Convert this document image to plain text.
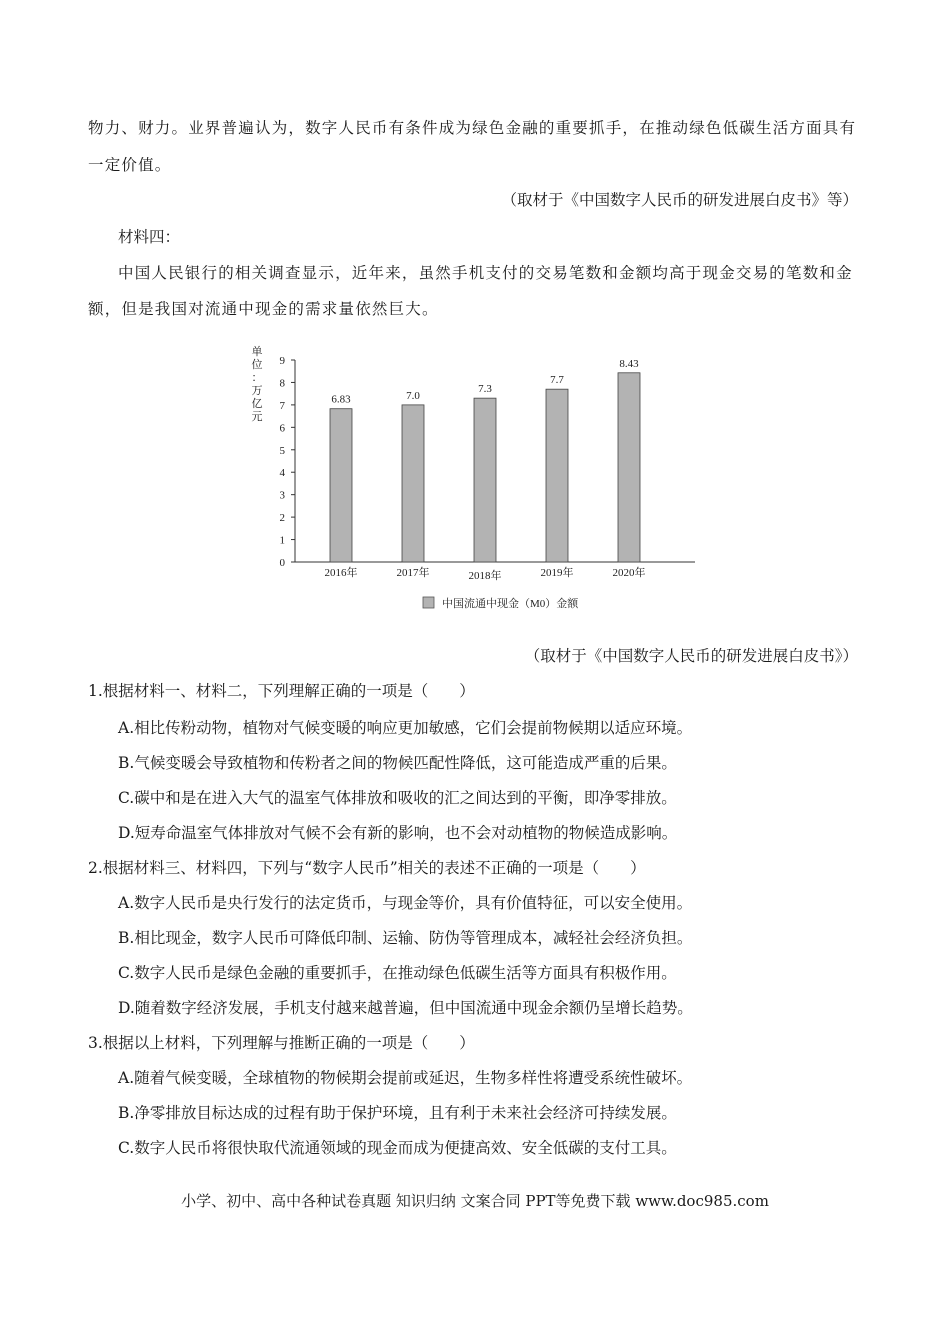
物力、财力。业界普遍认为，数字人民币有条件成为绿色金融的重要抓手，在推动绿色低碳生活方面具有
一定价值。
（取材于《中国数字人民币的研发进展白皮书》等）
材料四：
中国人民银行的相关调查显示，近年来，虽然手机支付的交易笔数和金额均高于现金交易的笔数和金
额，但是我国对流通中现金的需求量依然巨大。
单
位
：
万
亿
元
0
1
2
3
4
5
6
7
8
9
6.83
2016年
7.0
2017年
7.3
2018年
7.7
2019年
8.43
2020年
中国流通中现金（M0）金额
（取材于《中国数字人民币的研发进展白皮书》）
1.根据材料一、材料二，下列理解正确的一项是（　　）
A.相比传粉动物，植物对气候变暖的响应更加敏感，它们会提前物候期以适应环境。
B.气候变暖会导致植物和传粉者之间的物候匹配性降低，这可能造成严重的后果。
C.碳中和是在进入大气的温室气体排放和吸收的汇之间达到的平衡，即净零排放。
D.短寿命温室气体排放对气候不会有新的影响，也不会对动植物的物候造成影响。
2.根据材料三、材料四，下列与“数字人民币”相关的表述不正确的一项是（　　）
A.数字人民币是央行发行的法定货币，与现金等价，具有价值特征，可以安全使用。
B.相比现金，数字人民币可降低印制、运输、防伪等管理成本，减轻社会经济负担。
C.数字人民币是绿色金融的重要抓手，在推动绿色低碳生活等方面具有积极作用。
D.随着数字经济发展，手机支付越来越普遍，但中国流通中现金余额仍呈增长趋势。
3.根据以上材料，下列理解与推断正确的一项是（　　）
A.随着气候变暖，全球植物的物候期会提前或延迟，生物多样性将遭受系统性破坏。
B.净零排放目标达成的过程有助于保护环境，且有利于未来社会经济可持续发展。
C.数字人民币将很快取代流通领域的现金而成为便捷高效、安全低碳的支付工具。
小学、初中、高中各种试卷真题 知识归纳 文案合同 PPT等免费下载 www.doc985.com
